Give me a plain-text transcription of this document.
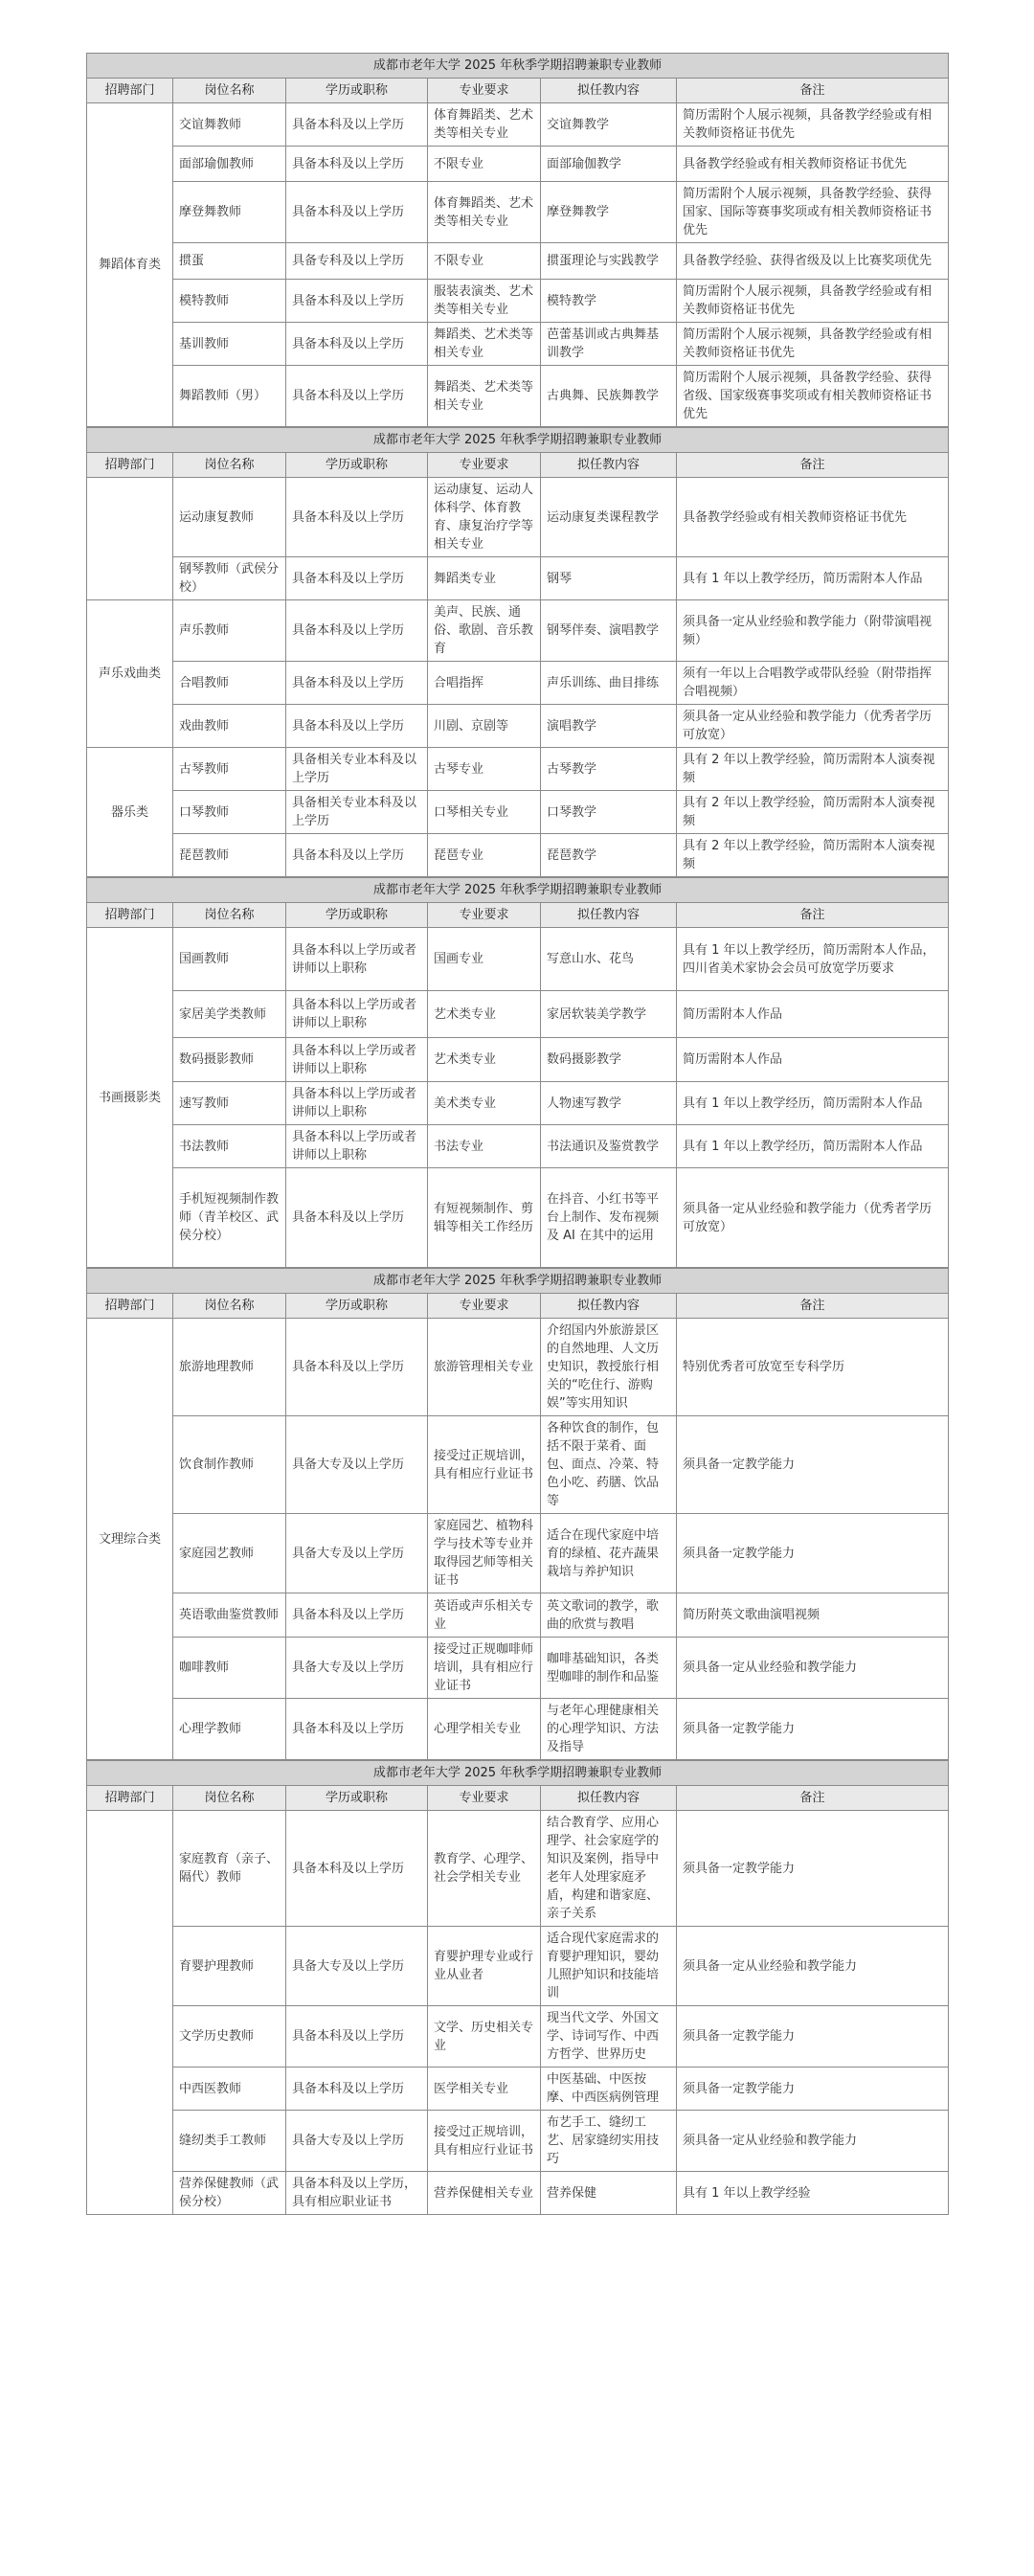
成都市老年大学 2025 年秋季学期招聘兼职专业教师					
招聘部门	岗位名称	学历或职称	专业要求	拟任教内容	备注
舞蹈体育类	交谊舞教师	具备本科及以上学历	体育舞蹈类、艺术类等相关专业	交谊舞教学	简历需附个人展示视频，具备教学经验或有相关教师资格证书优先
	面部瑜伽教师	具备本科及以上学历	不限专业	面部瑜伽教学	具备教学经验或有相关教师资格证书优先
	摩登舞教师	具备本科及以上学历	体育舞蹈类、艺术类等相关专业	摩登舞教学	简历需附个人展示视频，具备教学经验、获得国家、国际等赛事奖项或有相关教师资格证书优先
	掼蛋	具备专科及以上学历	不限专业	掼蛋理论与实践教学	具备教学经验、获得省级及以上比赛奖项优先
	模特教师	具备本科及以上学历	服装表演类、艺术类等相关专业	模特教学	简历需附个人展示视频，具备教学经验或有相关教师资格证书优先
	基训教师	具备本科及以上学历	舞蹈类、艺术类等相关专业	芭蕾基训或古典舞基训教学	简历需附个人展示视频，具备教学经验或有相关教师资格证书优先
	舞蹈教师（男）	具备本科及以上学历	舞蹈类、艺术类等相关专业	古典舞、民族舞教学	简历需附个人展示视频，具备教学经验、获得省级、国家级赛事奖项或有相关教师资格证书优先
成都市老年大学 2025 年秋季学期招聘兼职专业教师					
招聘部门	岗位名称	学历或职称	专业要求	拟任教内容	备注
	运动康复教师	具备本科及以上学历	运动康复、运动人体科学、体育教育、康复治疗学等相关专业	运动康复类课程教学	具备教学经验或有相关教师资格证书优先
	钢琴教师（武侯分校）	具备本科及以上学历	舞蹈类专业	钢琴	具有 1 年以上教学经历，简历需附本人作品
声乐戏曲类	声乐教师	具备本科及以上学历	美声、民族、通俗、歌剧、音乐教育	钢琴伴奏、演唱教学	须具备一定从业经验和教学能力（附带演唱视频）
	合唱教师	具备本科及以上学历	合唱指挥	声乐训练、曲目排练	须有一年以上合唱教学或带队经验（附带指挥合唱视频）
	戏曲教师	具备本科及以上学历	川剧、京剧等	演唱教学	须具备一定从业经验和教学能力（优秀者学历可放宽）
器乐类	古琴教师	具备相关专业本科及以上学历	古琴专业	古琴教学	具有 2 年以上教学经验，简历需附本人演奏视频
	口琴教师	具备相关专业本科及以上学历	口琴相关专业	口琴教学	具有 2 年以上教学经验，简历需附本人演奏视频
	琵琶教师	具备本科及以上学历	琵琶专业	琵琶教学	具有 2 年以上教学经验，简历需附本人演奏视频
成都市老年大学 2025 年秋季学期招聘兼职专业教师					
招聘部门	岗位名称	学历或职称	专业要求	拟任教内容	备注
书画摄影类	国画教师	具备本科以上学历或者讲师以上职称	国画专业	写意山水、花鸟	具有 1 年以上教学经历，简历需附本人作品，四川省美术家协会会员可放宽学历要求
	家居美学类教师	具备本科以上学历或者讲师以上职称	艺术类专业	家居软装美学教学	简历需附本人作品
	数码摄影教师	具备本科以上学历或者讲师以上职称	艺术类专业	数码摄影教学	简历需附本人作品
	速写教师	具备本科以上学历或者讲师以上职称	美术类专业	人物速写教学	具有 1 年以上教学经历，简历需附本人作品
	书法教师	具备本科以上学历或者讲师以上职称	书法专业	书法通识及鉴赏教学	具有 1 年以上教学经历，简历需附本人作品
	手机短视频制作教师（青羊校区、武侯分校）	具备本科及以上学历	有短视频制作、剪辑等相关工作经历	在抖音、小红书等平台上制作、发布视频及 AI 在其中的运用	须具备一定从业经验和教学能力（优秀者学历可放宽）
成都市老年大学 2025 年秋季学期招聘兼职专业教师					
招聘部门	岗位名称	学历或职称	专业要求	拟任教内容	备注
文理综合类	旅游地理教师	具备本科及以上学历	旅游管理相关专业	介绍国内外旅游景区的自然地理、人文历史知识，教授旅行相关的“吃住行、游购娱”等实用知识	特别优秀者可放宽至专科学历
	饮食制作教师	具备大专及以上学历	接受过正规培训，具有相应行业证书	各种饮食的制作，包括不限于菜肴、面包、面点、冷菜、特色小吃、药膳、饮品等	须具备一定教学能力
	家庭园艺教师	具备大专及以上学历	家庭园艺、植物科学与技术等专业并取得园艺师等相关证书	适合在现代家庭中培育的绿植、花卉蔬果栽培与养护知识	须具备一定教学能力
	英语歌曲鉴赏教师	具备本科及以上学历	英语或声乐相关专业	英文歌词的教学，歌曲的欣赏与教唱	简历附英文歌曲演唱视频
	咖啡教师	具备大专及以上学历	接受过正规咖啡师培训，具有相应行业证书	咖啡基础知识，各类型咖啡的制作和品鉴	须具备一定从业经验和教学能力
	心理学教师	具备本科及以上学历	心理学相关专业	与老年心理健康相关的心理学知识、方法及指导	须具备一定教学能力
成都市老年大学 2025 年秋季学期招聘兼职专业教师					
招聘部门	岗位名称	学历或职称	专业要求	拟任教内容	备注
	家庭教育（亲子、隔代）教师	具备本科及以上学历	教育学、心理学、社会学相关专业	结合教育学、应用心理学、社会家庭学的知识及案例，指导中老年人处理家庭矛盾，构建和谐家庭、亲子关系	须具备一定教学能力
	育婴护理教师	具备大专及以上学历	育婴护理专业或行业从业者	适合现代家庭需求的育婴护理知识，婴幼儿照护知识和技能培训	须具备一定从业经验和教学能力
	文学历史教师	具备本科及以上学历	文学、历史相关专业	现当代文学、外国文学、诗词写作、中西方哲学、世界历史	须具备一定教学能力
	中西医教师	具备本科及以上学历	医学相关专业	中医基础、中医按摩、中西医病例管理	须具备一定教学能力
	缝纫类手工教师	具备大专及以上学历	接受过正规培训，具有相应行业证书	布艺手工、缝纫工艺、居家缝纫实用技巧	须具备一定从业经验和教学能力
	营养保健教师（武侯分校）	具备本科及以上学历，具有相应职业证书	营养保健相关专业	营养保健	具有 1 年以上教学经验
